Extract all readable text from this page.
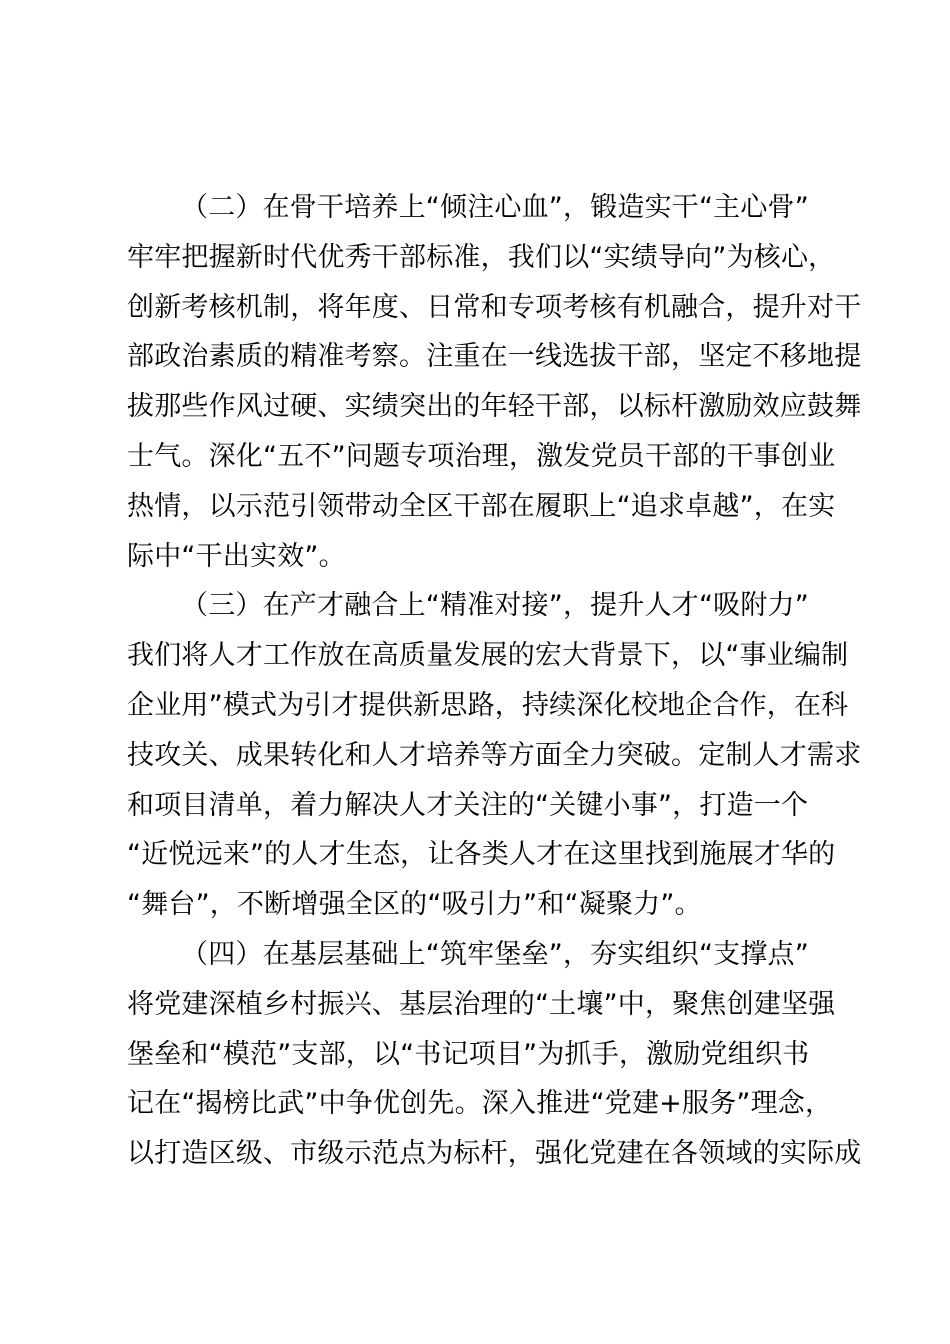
（二）在骨干培养上“倾注心血”，锻造实干“主心骨”
牢牢把握新时代优秀干部标准，我们以“实绩导向”为核心，
创新考核机制，将年度、日常和专项考核有机融合，提升对干
部政治素质的精准考察。注重在一线选拔干部，坚定不移地提
拔那些作风过硬、实绩突出的年轻干部，以标杆激励效应鼓舞
士气。深化“五不”问题专项治理，激发党员干部的干事创业
热情，以示范引领带动全区干部在履职上“追求卓越”，在实
际中“干出实效”。
（三）在产才融合上“精准对接”，提升人才“吸附力”
我们将人才工作放在高质量发展的宏大背景下，以“事业编制
企业用”模式为引才提供新思路，持续深化校地企合作，在科
技攻关、成果转化和人才培养等方面全力突破。定制人才需求
和项目清单，着力解决人才关注的“关键小事”，打造一个
“近悦远来”的人才生态，让各类人才在这里找到施展才华的
“舞台”，不断增强全区的“吸引力”和“凝聚力”。
（四）在基层基础上“筑牢堡垒”，夯实组织“支撑点”
将党建深植乡村振兴、基层治理的“土壤”中，聚焦创建坚强
堡垒和“模范”支部，以“书记项目”为抓手，激励党组织书
记在“揭榜比武”中争优创先。深入推进“党建+服务”理念，
以打造区级、市级示范点为标杆，强化党建在各领域的实际成
